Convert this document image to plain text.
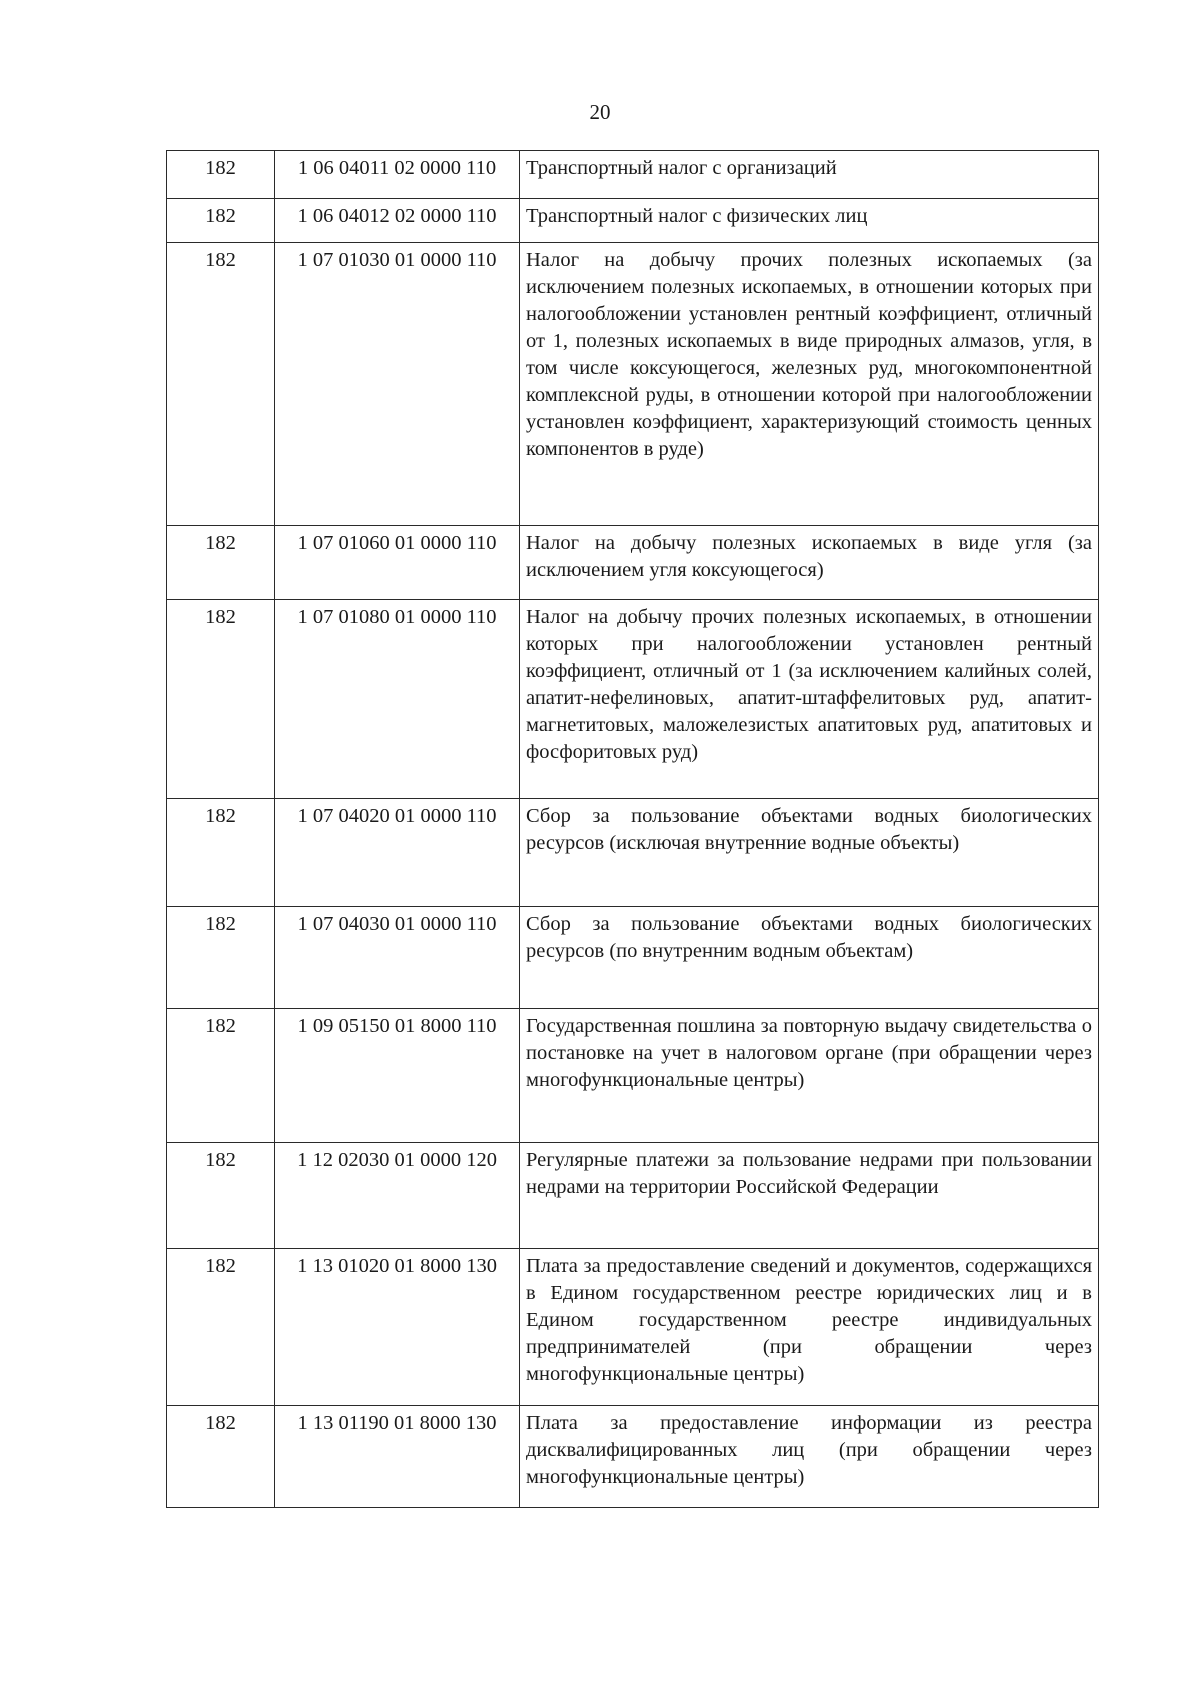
20
182	1 06 04011 02 0000 110	Транспортный налог с организаций
182	1 06 04012 02 0000 110	Транспортный налог с физических лиц
182	1 07 01030 01 0000 110	Налог на добычу прочих полезных ископаемых (за исключением полезных ископаемых, в отношении которых при налогообложении установлен рентный коэффициент, отличный от 1, полезных ископаемых в виде природных алмазов, угля, в том числе коксующегося, железных руд, многокомпонентной комплексной руды, в отношении которой при налогообложении установлен коэффициент, характеризующий стоимость ценных компонентов в руде)
182	1 07 01060 01 0000 110	Налог на добычу полезных ископаемых в виде угля (за исключением угля коксующегося)
182	1 07 01080 01 0000 110	Налог на добычу прочих полезных ископаемых, в отношении которых при налогообложении установлен рентный коэффициент, отличный от 1 (за исключением калийных солей, апатит-нефелиновых, апатит-штаффелитовых руд, апатит-магнетитовых, маложелезистых апатитовых руд, апатитовых и фосфоритовых руд)
182	1 07 04020 01 0000 110	Сбор за пользование объектами водных биологических ресурсов (исключая внутренние водные объекты)
182	1 07 04030 01 0000 110	Сбор за пользование объектами водных биологических ресурсов (по внутренним водным объектам)
182	1 09 05150 01 8000 110	Государственная пошлина за повторную выдачу свидетельства о постановке на учет в налоговом органе (при обращении через многофункциональные центры)
182	1 12 02030 01 0000 120	Регулярные платежи за пользование недрами при пользовании недрами на территории Российской Федерации
182	1 13 01020 01 8000 130	Плата за предоставление сведений и документов, содержащихся в Едином государственном реестре юридических лиц и в Едином государственном реестре индивидуальных предпринимателей (при обращении через многофункциональные центры)
182	1 13 01190 01 8000 130	Плата за предоставление информации из реестра дисквалифицированных лиц (при обращении через многофункциональные центры)
